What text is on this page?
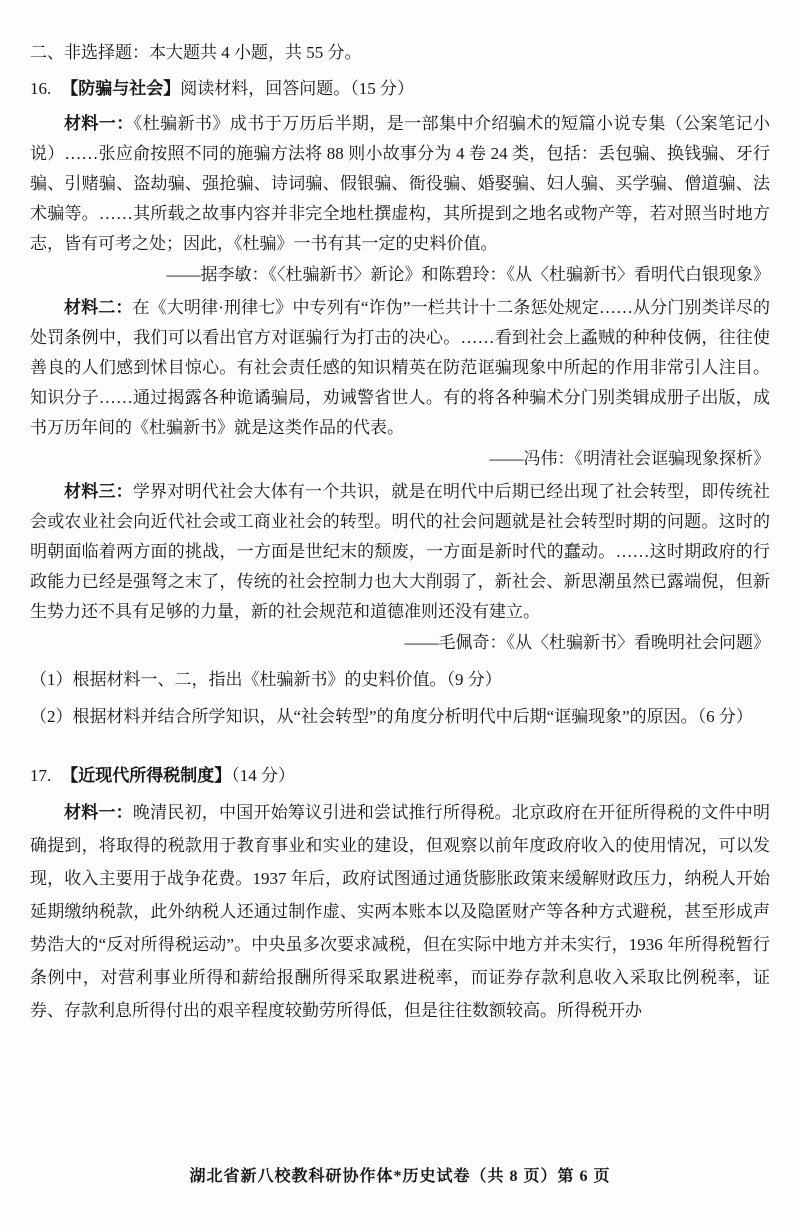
二、非选择题：本大题共 4 小题，共 55 分。

16. 【防骗与社会】阅读材料，回答问题。（15 分）

材料一：《杜骗新书》成书于万历后半期，是一部集中介绍骗术的短篇小说专集（公案笔记小说）……张应俞按照不同的施骗方法将 88 则小故事分为 4 卷 24 类，包括：丢包骗、换钱骗、牙行骗、引赌骗、盗劫骗、强抢骗、诗词骗、假银骗、衙役骗、婚娶骗、妇人骗、买学骗、僧道骗、法术骗等。……其所载之故事内容并非完全地杜撰虚构，其所提到之地名或物产等，若对照当时地方志，皆有可考之处；因此，《杜骗》一书有其一定的史料价值。

——据李敏：《〈杜骗新书〉新论》和陈碧玲：《从〈杜骗新书〉看明代白银现象》

材料二：在《大明律·刑律七》中专列有“诈伪”一栏共计十二条惩处规定……从分门别类详尽的处罚条例中，我们可以看出官方对诓骗行为打击的决心。……看到社会上蟊贼的种种伎俩，往往使善良的人们感到怵目惊心。有社会责任感的知识精英在防范诓骗现象中所起的作用非常引人注目。知识分子……通过揭露各种诡谲骗局，劝诫警省世人。有的将各种骗术分门别类辑成册子出版，成书万历年间的《杜骗新书》就是这类作品的代表。

——冯伟：《明清社会诓骗现象探析》

材料三：学界对明代社会大体有一个共识，就是在明代中后期已经出现了社会转型，即传统社会或农业社会向近代社会或工商业社会的转型。明代的社会问题就是社会转型时期的问题。这时的明朝面临着两方面的挑战，一方面是世纪末的颓废，一方面是新时代的蠢动。……这时期政府的行政能力已经是强弩之末了，传统的社会控制力也大大削弱了，新社会、新思潮虽然已露端倪，但新生势力还不具有足够的力量，新的社会规范和道德准则还没有建立。

——毛佩奇：《从〈杜骗新书〉看晚明社会问题》

（1）根据材料一、二，指出《杜骗新书》的史料价值。（9 分）

（2）根据材料并结合所学知识，从“社会转型”的角度分析明代中后期“诓骗现象”的原因。（6 分）

17. 【近现代所得税制度】（14 分）

材料一：晚清民初，中国开始筹议引进和尝试推行所得税。北京政府在开征所得税的文件中明确提到，将取得的税款用于教育事业和实业的建设，但观察以前年度政府收入的使用情况，可以发现，收入主要用于战争花费。1937 年后，政府试图通过通货膨胀政策来缓解财政压力，纳税人开始延期缴纳税款，此外纳税人还通过制作虚、实两本账本以及隐匿财产等各种方式避税，甚至形成声势浩大的“反对所得税运动”。中央虽多次要求减税，但在实际中地方并未实行，1936 年所得税暂行条例中，对营利事业所得和薪给报酬所得采取累进税率，而证券存款利息收入采取比例税率，证券、存款利息所得付出的艰辛程度较勤劳所得低，但是往往数额较高。所得税开办

湖北省新八校教科研协作体*历史试卷（共 8 页）第 6 页
